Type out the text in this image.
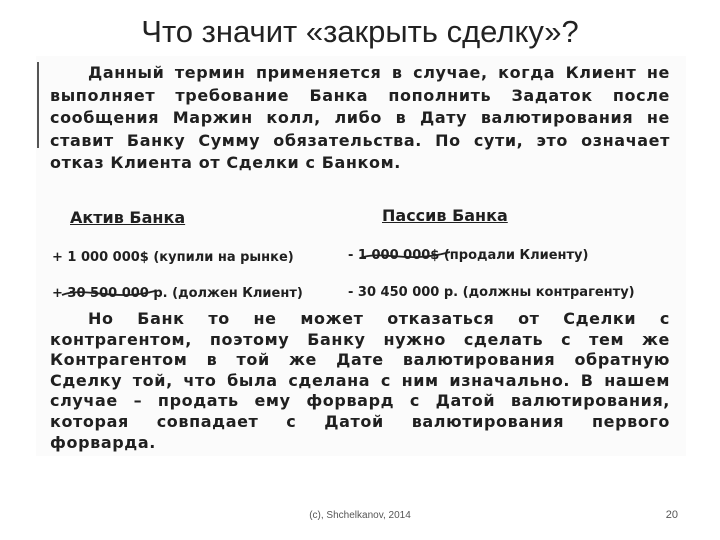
Что значит «закрыть сделку»?

Данный термин применяется в случае, когда Клиент не выполняет требование Банка пополнить Задаток после сообщения Маржин колл, либо в Дату валютирования не ставит Банку Сумму обязательства. По сути, это означает отказ Клиента от Сделки с Банком.

Актив Банка	Пассив Банка
+ 1 000 000$ (купили на рынке)
+ 30 500 000 р. (должен Клиент)
- 1 000 000$ (продали Клиенту)
- 30 450 000 р. (должны контрагенту)

Но Банк то не может отказаться от Сделки с контрагентом, поэтому Банку нужно сделать с тем же Контрагентом в той же Дате валютирования обратную Сделку той, что была сделана с ним изначально. В нашем случае – продать ему форвард с Датой валютирования, которая совпадает с Датой валютирования первого форварда.

(c), Shchelkanov, 2014	20
